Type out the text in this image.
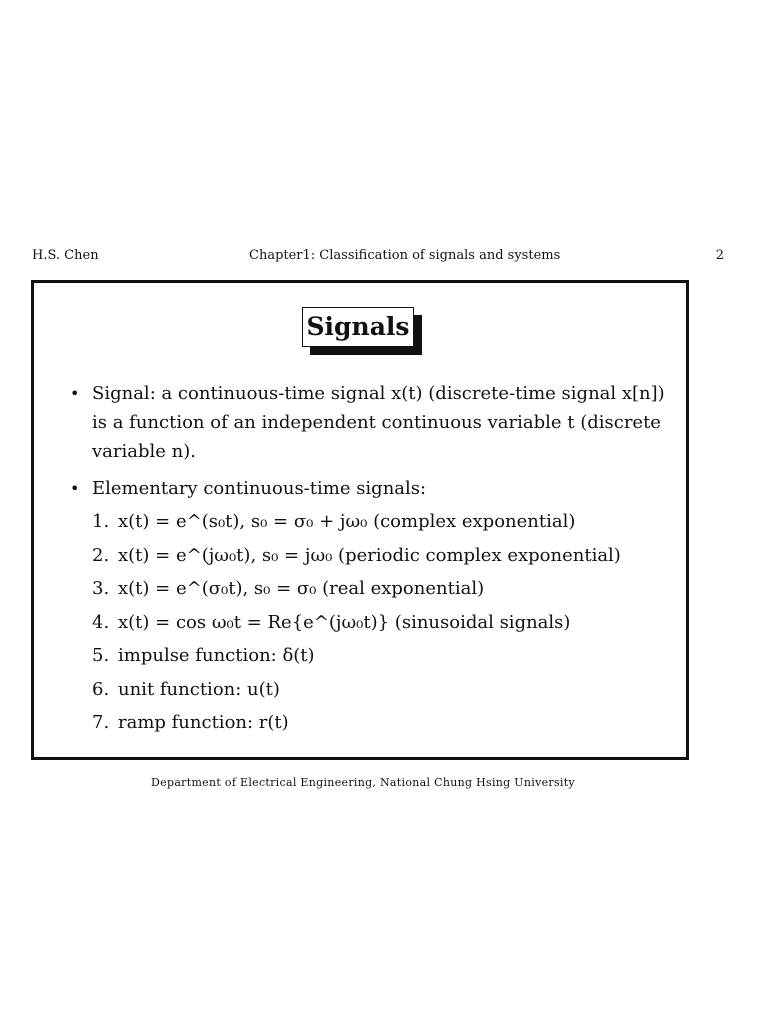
H.S. Chen	Chapter1: Classification of signals and systems	2
Signals
• Signal: a continuous-time signal x(t) (discrete-time signal x[n]) is a function of an independent continuous variable t (discrete variable n).
• Elementary continuous-time signals:
1. x(t) = e^(s₀t), s₀ = σ₀ + jω₀ (complex exponential)
2. x(t) = e^(jω₀t), s₀ = jω₀ (periodic complex exponential)
3. x(t) = e^(σ₀t), s₀ = σ₀ (real exponential)
4. x(t) = cos ω₀t = Re{e^(jω₀t)} (sinusoidal signals)
5. impulse function: δ(t)
6. unit function: u(t)
7. ramp function: r(t)
Department of Electrical Engineering, National Chung Hsing University
